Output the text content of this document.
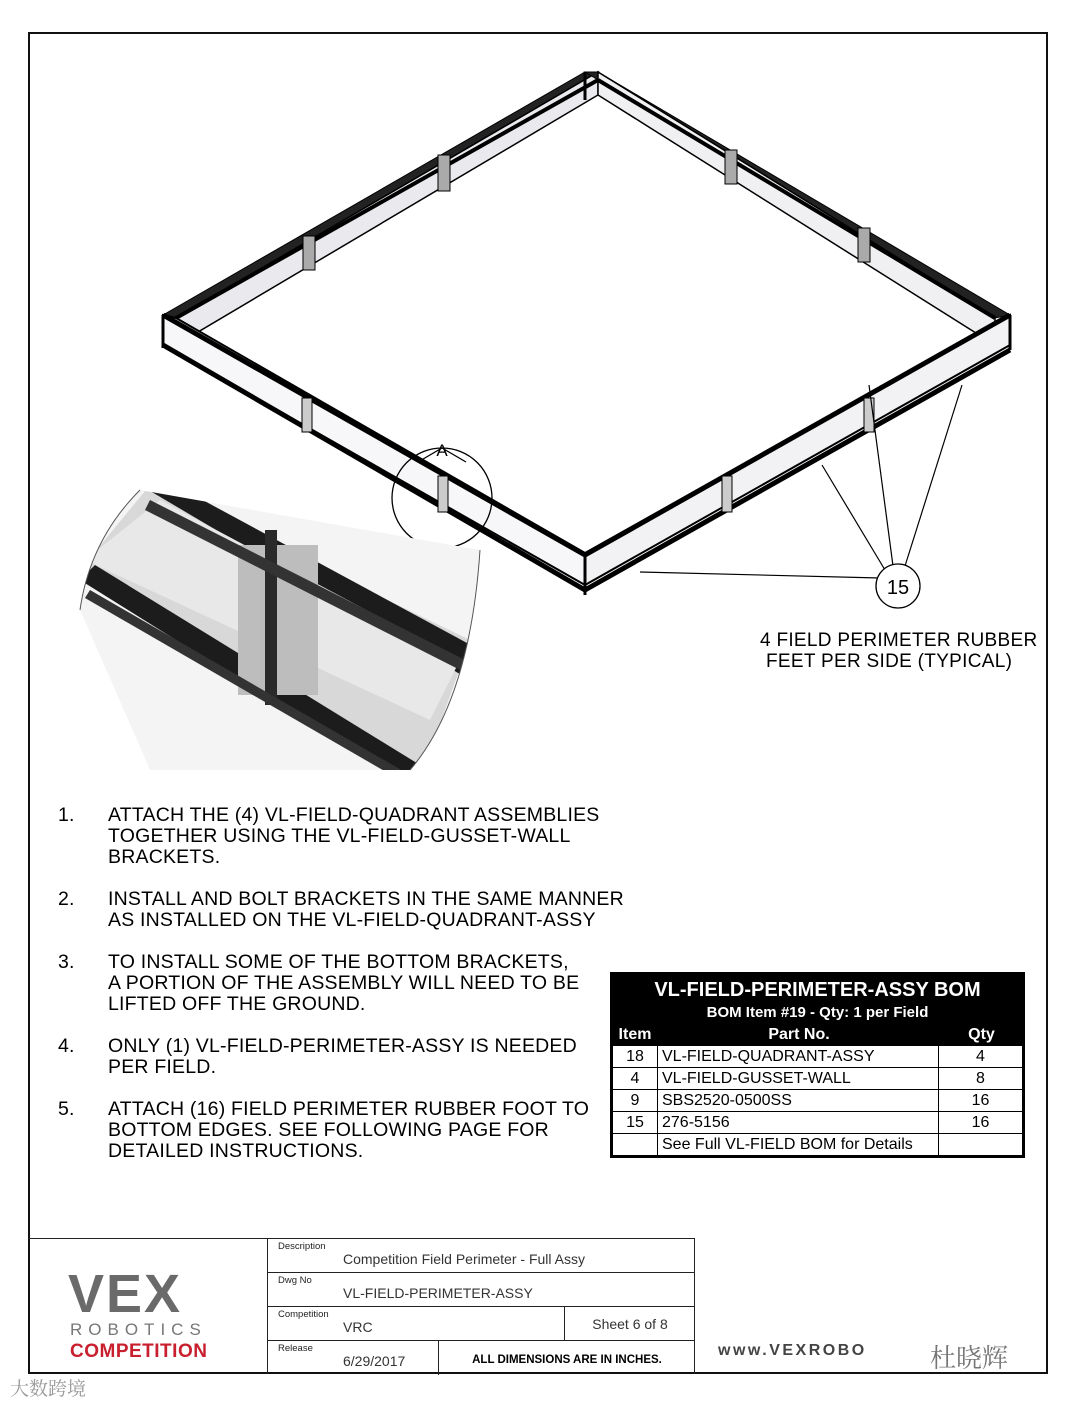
A
15
4 FIELD PERIMETER RUBBER
FEET PER SIDE (TYPICAL)
1.	ATTACH THE (4) VL-FIELD-QUADRANT ASSEMBLIES
TOGETHER USING THE VL-FIELD-GUSSET-WALL
BRACKETS.
2.	INSTALL AND BOLT BRACKETS IN THE SAME MANNER
AS INSTALLED ON THE VL-FIELD-QUADRANT-ASSY
3.	TO INSTALL SOME OF THE BOTTOM BRACKETS,
A PORTION OF THE ASSEMBLY WILL NEED TO BE
LIFTED OFF THE GROUND.
4.	ONLY (1) VL-FIELD-PERIMETER-ASSY IS NEEDED
PER FIELD.
5.	ATTACH (16) FIELD PERIMETER RUBBER FOOT TO
BOTTOM EDGES. SEE FOLLOWING PAGE FOR
DETAILED INSTRUCTIONS.
VL-FIELD-PERIMETER-ASSY BOM
BOM Item #19 - Qty: 1 per Field
Item	Part No.	Qty
18	VL-FIELD-QUADRANT-ASSY	4
4	VL-FIELD-GUSSET-WALL	8
9	SBS2520-0500SS	16
15	276-5156	16
	See Full VL-FIELD BOM for Details	
VEX
ROBOTICS
COMPETITION
Description
Competition Field Perimeter - Full Assy
Dwg No
VL-FIELD-PERIMETER-ASSY
Competition
VRC	Sheet 6 of 8
Release
6/29/2017	ALL DIMENSIONS ARE IN INCHES.
www.VEXROBO 杜晓辉
大数跨境
